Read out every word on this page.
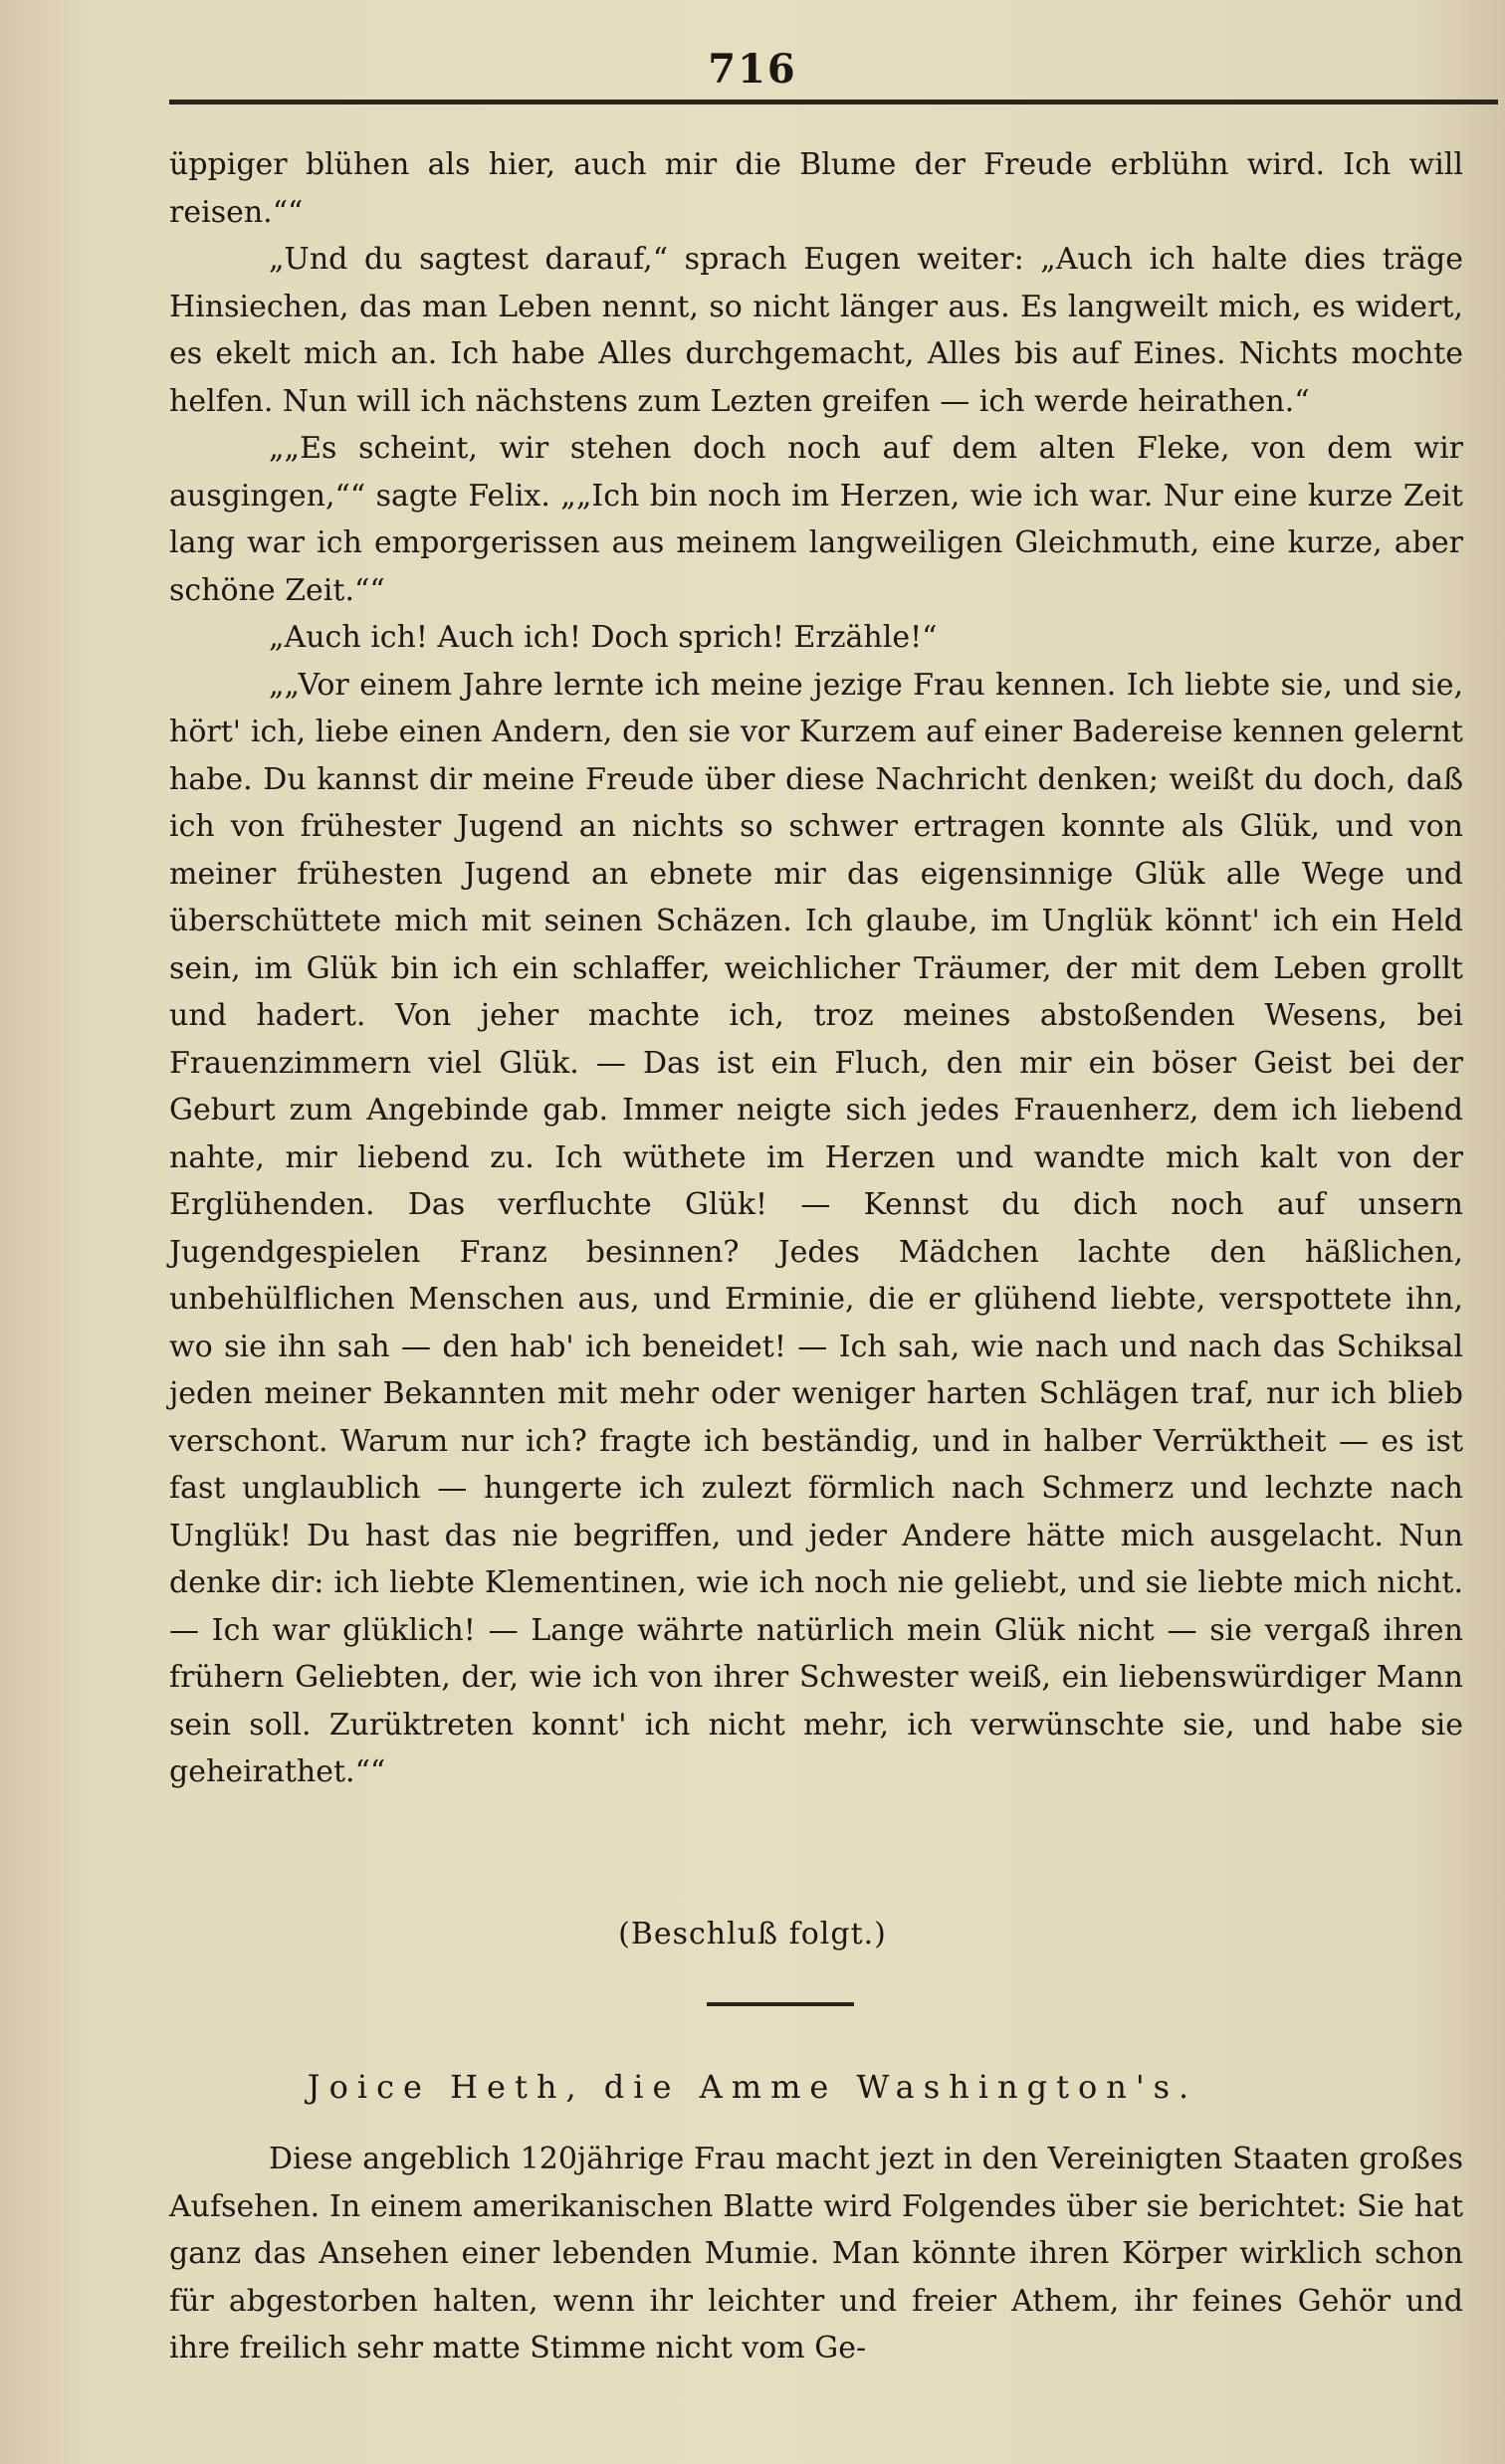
716

üppiger blühen als hier, auch mir die Blume der Freude erblühn wird. Ich will reisen.““

„Und du sagtest darauf,“ sprach Eugen weiter: „Auch ich halte dies träge Hinsiechen, das man Leben nennt, so nicht länger aus. Es langweilt mich, es widert, es ekelt mich an. Ich habe Alles durchgemacht, Alles bis auf Eines. Nichts mochte helfen. Nun will ich nächstens zum Lezten greifen — ich werde heirathen.“

„„Es scheint, wir stehen doch noch auf dem alten Fleke, von dem wir ausgingen,““ sagte Felix. „„Ich bin noch im Herzen, wie ich war. Nur eine kurze Zeit lang war ich emporgerissen aus meinem langweiligen Gleichmuth, eine kurze, aber schöne Zeit.““

„Auch ich! Auch ich! Doch sprich! Erzähle!“

„„Vor einem Jahre lernte ich meine jezige Frau kennen. Ich liebte sie, und sie, hört' ich, liebe einen Andern, den sie vor Kurzem auf einer Badereise kennen gelernt habe. Du kannst dir meine Freude über diese Nachricht denken; weißt du doch, daß ich von frühester Jugend an nichts so schwer ertragen konnte als Glük, und von meiner frühesten Jugend an ebnete mir das eigensinnige Glük alle Wege und überschüttete mich mit seinen Schäzen. Ich glaube, im Unglük könnt' ich ein Held sein, im Glük bin ich ein schlaffer, weichlicher Träumer, der mit dem Leben grollt und hadert. Von jeher machte ich, troz meines abstoßenden Wesens, bei Frauenzimmern viel Glük. — Das ist ein Fluch, den mir ein böser Geist bei der Geburt zum Angebinde gab. Immer neigte sich jedes Frauenherz, dem ich liebend nahte, mir liebend zu. Ich wüthete im Herzen und wandte mich kalt von der Erglühenden. Das verfluchte Glük! — Kennst du dich noch auf unsern Jugendgespielen Franz besinnen? Jedes Mädchen lachte den häßlichen, unbehülflichen Menschen aus, und Erminie, die er glühend liebte, verspottete ihn, wo sie ihn sah — den hab' ich beneidet! — Ich sah, wie nach und nach das Schiksal jeden meiner Bekannten mit mehr oder weniger harten Schlägen traf, nur ich blieb verschont. Warum nur ich? fragte ich beständig, und in halber Verrüktheit — es ist fast unglaublich — hungerte ich zulezt förmlich nach Schmerz und lechzte nach Unglük! Du hast das nie begriffen, und jeder Andere hätte mich ausgelacht. Nun denke dir: ich liebte Klementinen, wie ich noch nie geliebt, und sie liebte mich nicht. — Ich war glüklich! — Lange währte natürlich mein Glük nicht — sie vergaß ihren frühern Geliebten, der, wie ich von ihrer Schwester weiß, ein liebenswürdiger Mann sein soll. Zurüktreten konnt' ich nicht mehr, ich verwünschte sie, und habe sie geheirathet.““

(Beschluß folgt.)
Joice Heth, die Amme Washington's.

Diese angeblich 120jährige Frau macht jezt in den Vereinigten Staaten großes Aufsehen. In einem amerikanischen Blatte wird Folgendes über sie berichtet: Sie hat ganz das Ansehen einer lebenden Mumie. Man könnte ihren Körper wirklich schon für abgestorben halten, wenn ihr leichter und freier Athem, ihr feines Gehör und ihre freilich sehr matte Stimme nicht vom Ge-
